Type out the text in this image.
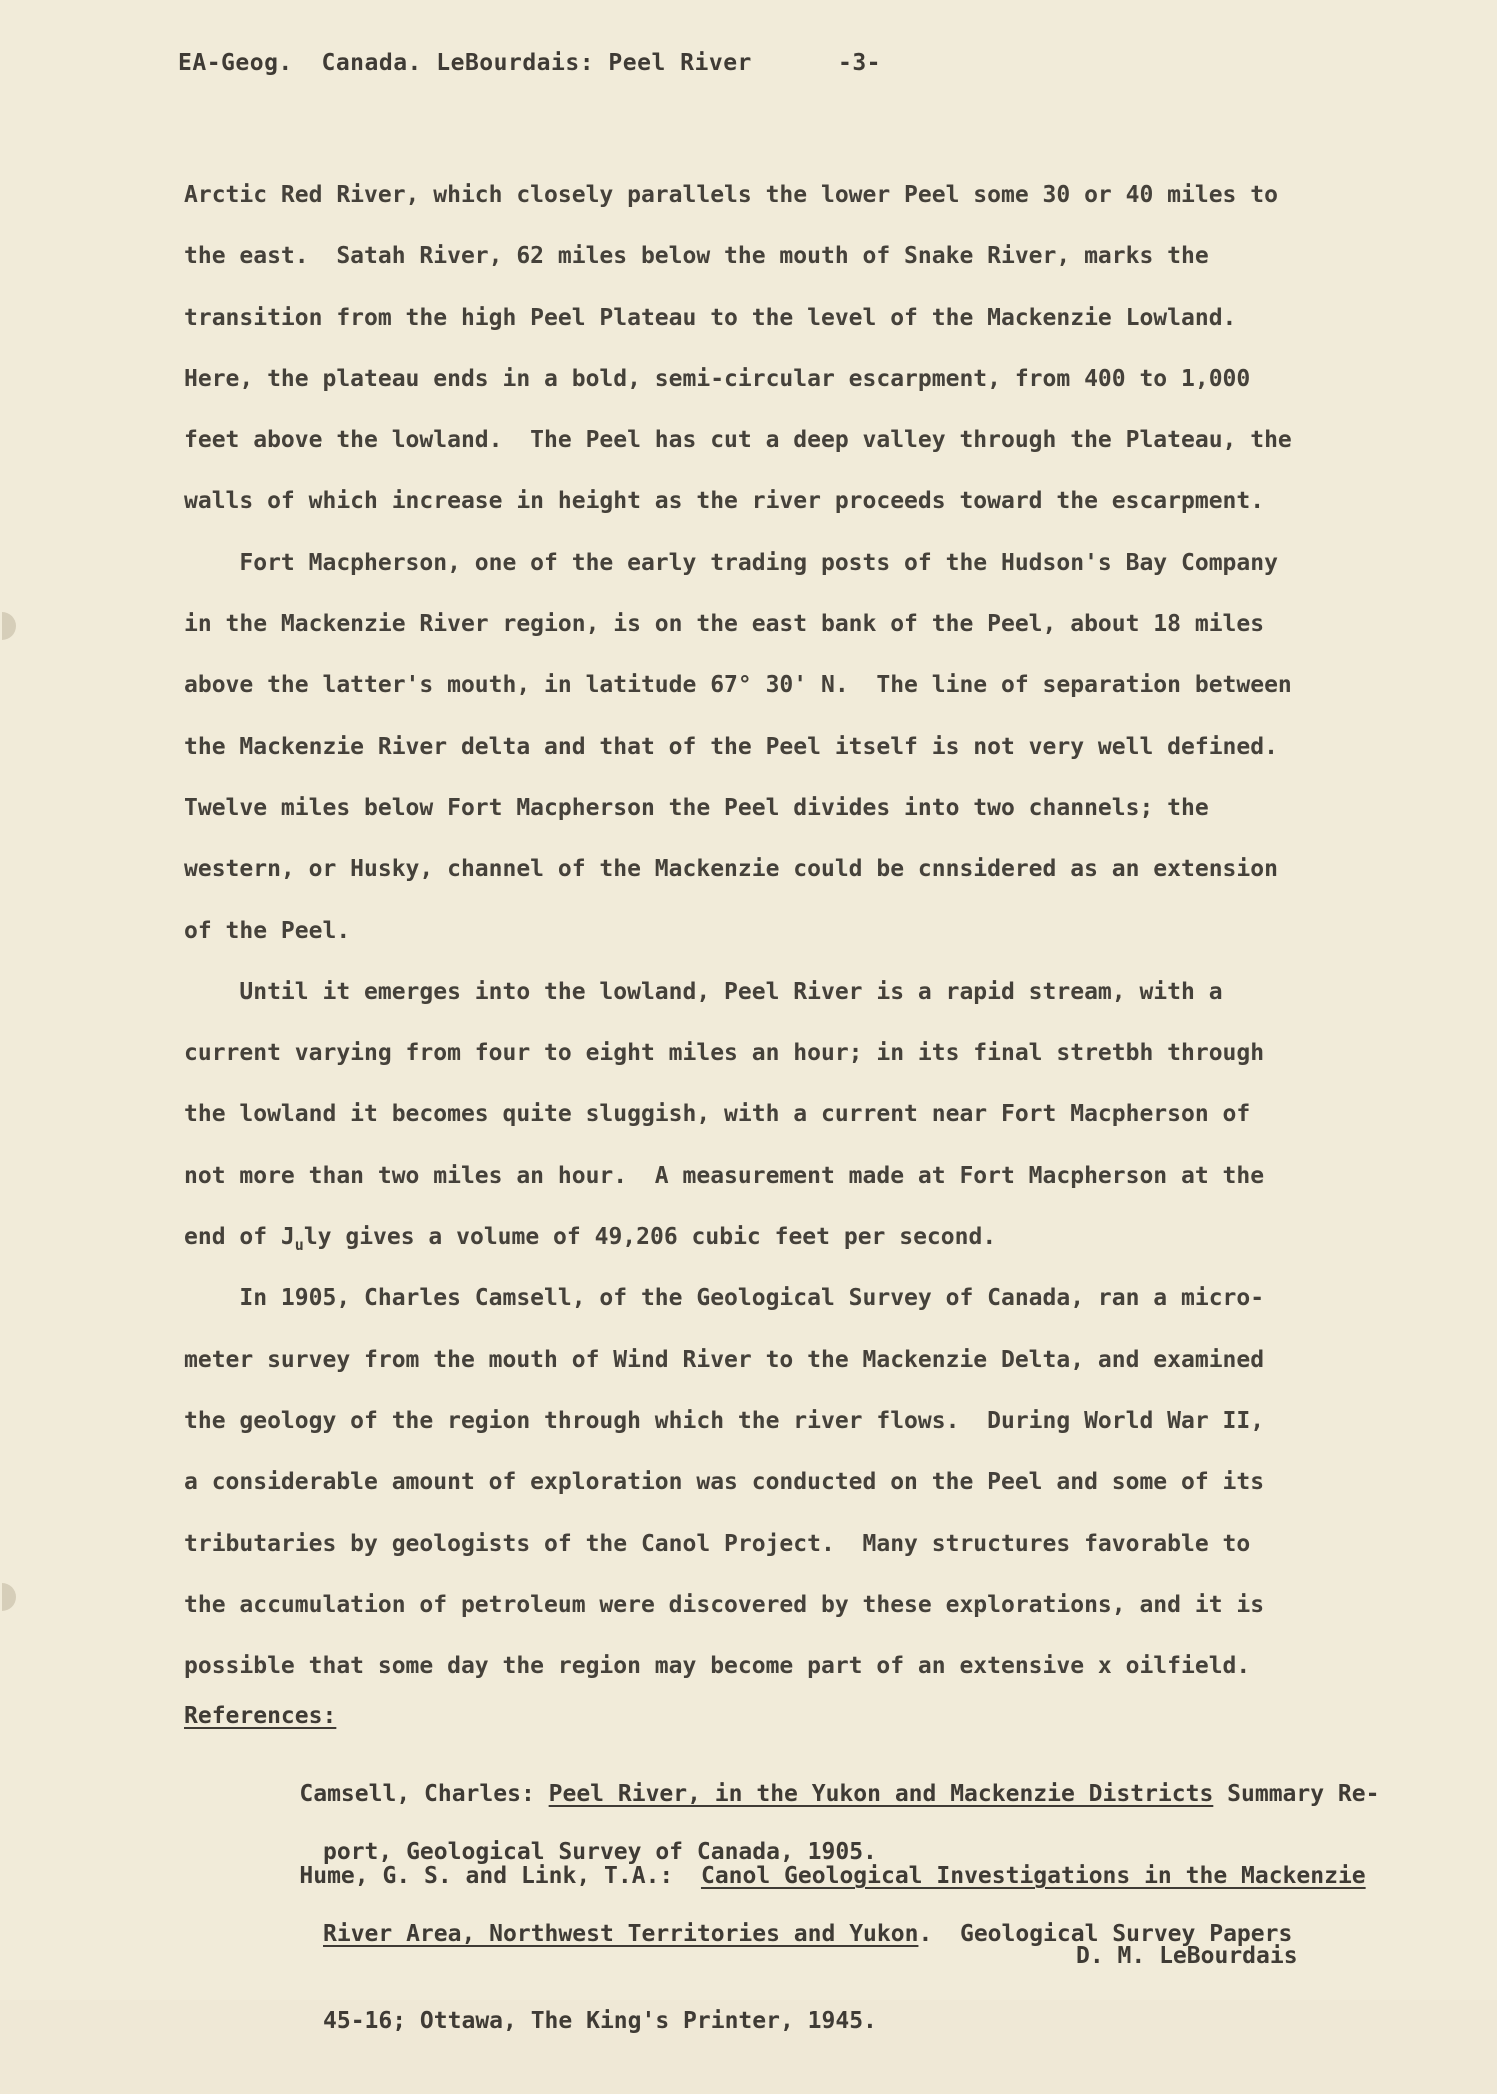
EA-Geog.  Canada. LeBourdais: Peel River      -3-
Arctic Red River, which closely parallels the lower Peel some 30 or 40 miles to
the east.  Satah River, 62 miles below the mouth of Snake River, marks the
transition from the high Peel Plateau to the level of the Mackenzie Lowland.
Here, the plateau ends in a bold, semi-circular escarpment, from 400 to 1,000
feet above the lowland.  The Peel has cut a deep valley through the Plateau, the
walls of which increase in height as the river proceeds toward the escarpment.
Fort Macpherson, one of the early trading posts of the Hudson's Bay Company
in the Mackenzie River region, is on the east bank of the Peel, about 18 miles
above the latter's mouth, in latitude 67° 30' N.  The line of separation between
the Mackenzie River delta and that of the Peel itself is not very well defined.
Twelve miles below Fort Macpherson the Peel divides into two channels; the
western, or Husky, channel of the Mackenzie could be cnnsidered as an extension
of the Peel.
Until it emerges into the lowland, Peel River is a rapid stream, with a
current varying from four to eight miles an hour; in its final stretbh through
the lowland it becomes quite sluggish, with a current near Fort Macpherson of
not more than two miles an hour.  A measurement made at Fort Macpherson at the
end of $J_uly$ gives a volume of 49,206 cubic feet per second.
In 1905, Charles Camsell, of the Geological Survey of Canada, ran a micro-
meter survey from the mouth of Wind River to the Mackenzie Delta, and examined
the geology of the region through which the river flows.  During World War II,
a considerable amount of exploration was conducted on the Peel and some of its
tributaries by geologists of the Canol Project.  Many structures favorable to
the accumulation of petroleum were discovered by these explorations, and it is
possible that some day the region may become part of an extensive x oilfield.
References:

Camsell, Charles: Peel River, in the Yukon and Mackenzie Districts Summary Re-

port, Geological Survey of Canada, 1905.

Hume, G. S. and Link, T.A.:  Canol Geological Investigations in the Mackenzie

River Area, Northwest Territories and Yukon.  Geological Survey Papers

45-16; Ottawa, The King's Printer, 1945.

D. M. LeBourdais
